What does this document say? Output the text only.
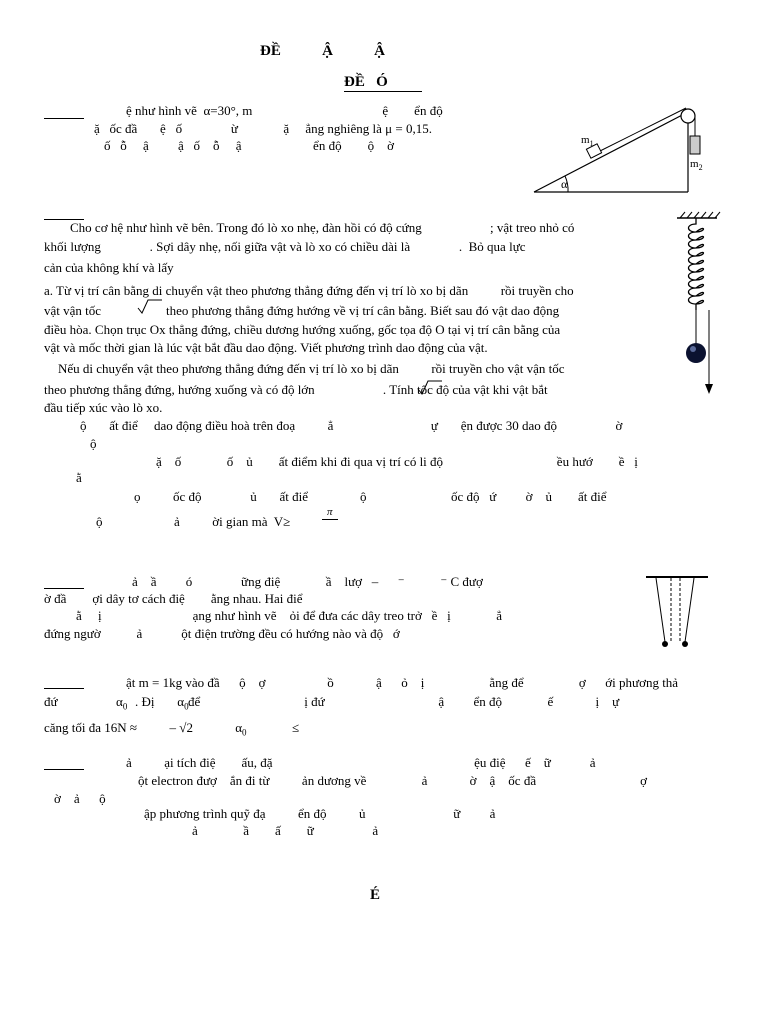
ĐỀ           Ậ           Ậ
ĐỀ   Ó
ệ như hình vẽ  α=30°, m                                        ệ        ển độ
ặ   ốc đầ       ệ   ố               ừ              ặ     ẳng nghiêng là μ = 0,15.
ố   ỗ     ậ         ậ   ố    ỗ     ậ                      ển độ        ộ    ờ	$m_1$
$m_2$
α
Cho cơ hệ như hình vẽ bên. Trong đó lò xo nhẹ, đàn hồi có độ cứng                     ; vật treo nhỏ có
khối lượng               . Sợi dây nhẹ, nối giữa vật và lò xo có chiều dài là               .  Bỏ qua lực
cản của không khí và lấy
a. Từ vị trí cân bằng di chuyển vật theo phương thẳng đứng đến vị trí lò xo bị dãn          rồi truyền cho
vật vận tốc                    theo phương thẳng đứng hướng về vị trí cân bằng. Biết sau đó vật dao động
điều hòa. Chọn trục Ox thẳng đứng, chiều dương hướng xuống, gốc tọa độ O tại vị trí cân bằng của
vật và mốc thời gian là lúc vật bắt đầu dao động. Viết phương trình dao động của vật.
Nếu di chuyển vật theo phương thẳng đứng đến vị trí lò xo bị dãn          rồi truyền cho vật vận tốc
theo phương thẳng đứng, hướng xuống và có độ lớn                     . Tính tốc độ của vật khi vật bắt
đầu tiếp xúc vào lò xo.
ộ       ất điể     dao động điều hoà trên đoạ          ẳ                              ự       ện được 30 dao độ                  ờ
ộ
ặ    ố              ố    ủ        ất điểm khi đi qua vị trí có li độ                                   ều hướ        ề   ị
ằ
ọ          ốc độ               ủ       ất điể                ộ                          ốc độ   ứ         ờ    ủ        ất điể
ộ                      ả          ời gian mà  V≥
π
ả    ầ         ó               ững điệ              ầ    lượ   –      ⁻           ⁻ C đượ
ờ đầ        ợi dây tơ cách điệ        ằng nhau. Hai điể
ằ     ị                            ạng như hình vẽ    ỏi để đưa các dây treo trở   ề   ị              ẳ
đứng ngườ           ả            ột điện trường đều có hướng nào và độ   ớ
ật m = 1kg vào đầ      ộ    ợ                   ồ             ậ      ỏ    ị                    ằng để                 ợ      ới phương thả
đứ                  $\alpha_0$ . Đị       $\alpha_0$ để                                ị đứ                                   ậ         ển độ              ế             ị    ự
căng tối đa 16N ≈          – √2             $\alpha_0$	≤
ả          ại tích điệ        ấu, đặ                                                              ệu điệ      ế    ữ            ả
ột electron đượ    ắn đi từ          ản dương về                 ả             ờ    ậ    ốc đầ                                ợ
ờ    ả      ộ
ập phương trình quỹ đạ          ển độ          ủ                           ữ         ả
ả              ầ        ấ        ữ                  ả
É
